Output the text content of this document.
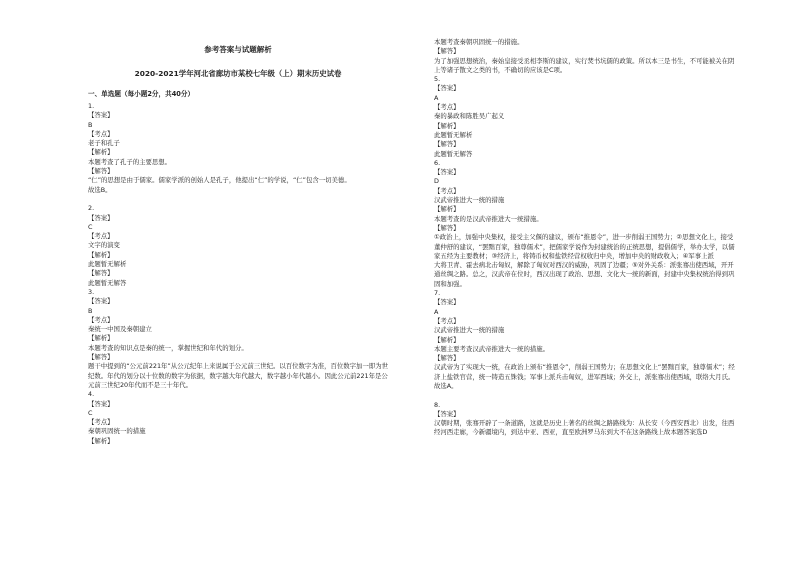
参考答案与试题解析
2020-2021学年河北省廊坊市某校七年级（上）期末历史试卷
一、单选题（每小题2分，共40分）
1.
【答案】
B
【考点】
老子和孔子
【解析】
本题考查了孔子的主要思想。
【解答】
“仁”的思想是由于儒家。儒家学派的创始人是孔子，他提出“仁”的学说，“仁”包含一切美德。
故选B。

2.
【答案】
C
【考点】
文字的演变
【解析】
此题暂无解析
【解答】
此题暂无解答
3.
【答案】
B
【考点】
秦统一中国及秦朝建立
【解析】
本题考查的知识点是秦的统一，掌握世纪和年代的划分。
【解答】
题干中提到的“公元前221年”从公元纪年上来说属于公元前三世纪。以百位数字为准，百位数字加一即为世
纪数。年代的划分以十位数的数字为依据，数字越大年代越大，数字越小年代越小。因此公元前221年是公
元前三世纪20年代而不是三十年代。
4.
【答案】
C
【考点】
秦朝巩固统一的措施
【解析】
本题考查秦朝巩固统一的措施。
【解答】
为了加强思想统治，秦始皇接受丞相李斯的建议，实行焚书坑儒的政策。所以本三是书生，不可能被关在阴
上等诸子散文之类的书，不确切的应该是C项。
5.
【答案】
A
【考点】
秦的暴政和陈胜吴广起义
【解析】
此题暂无解析
【解答】
此题暂无解答
6.
【答案】
D
【考点】
汉武帝推进大一统的措施
【解析】
本题考查的是汉武帝推进大一统措施。
【解答】
①政治上，加强中央集权，接受主父偃的建议，颁布“推恩令”，进一步削弱王国势力；②思想文化上，接受
董仲舒的建议，“罢黜百家，独尊儒术”，把儒家学说作为封建统治的正统思想，提倡儒学，举办太学，以儒
家五经为主要教材；③经济上，将铸币权和盐铁经营权收归中央，增加中央的财政收入；④军事上派
大将卫青、霍去病北击匈奴，解除了匈奴对西汉的威胁，巩固了边疆；⑤对外关系：派张骞出使西域，开开
通丝绸之路。总之，汉武帝在位时，西汉出现了政治、思想、文化大一统的新面，封建中央集权统治得到巩
固和加强。
7.
【答案】
A
【考点】
汉武帝推进大一统的措施
【解析】
本题主要考查汉武帝推进大一统的措施。
【解答】
汉武帝为了实现大一统，在政治上颁布“推恩令”，削弱王国势力；在思想文化上“罢黜百家，独尊儒术”；经
济上盐铁官营，统一铸造五铢钱；军事上派兵击匈奴，进军西域；外交上，派张骞出使西域，联络大月氏。
故选A。

8.
【答案】
汉朝时期，张骞开辟了一条道路，这就是历史上著名的丝绸之路路线为：从长安（今西安西北）出发，往西
经河西走廊，今新疆境内，到达中亚、西亚，直至欧洲罗马东到大不在这条路线上故本题答案选D
